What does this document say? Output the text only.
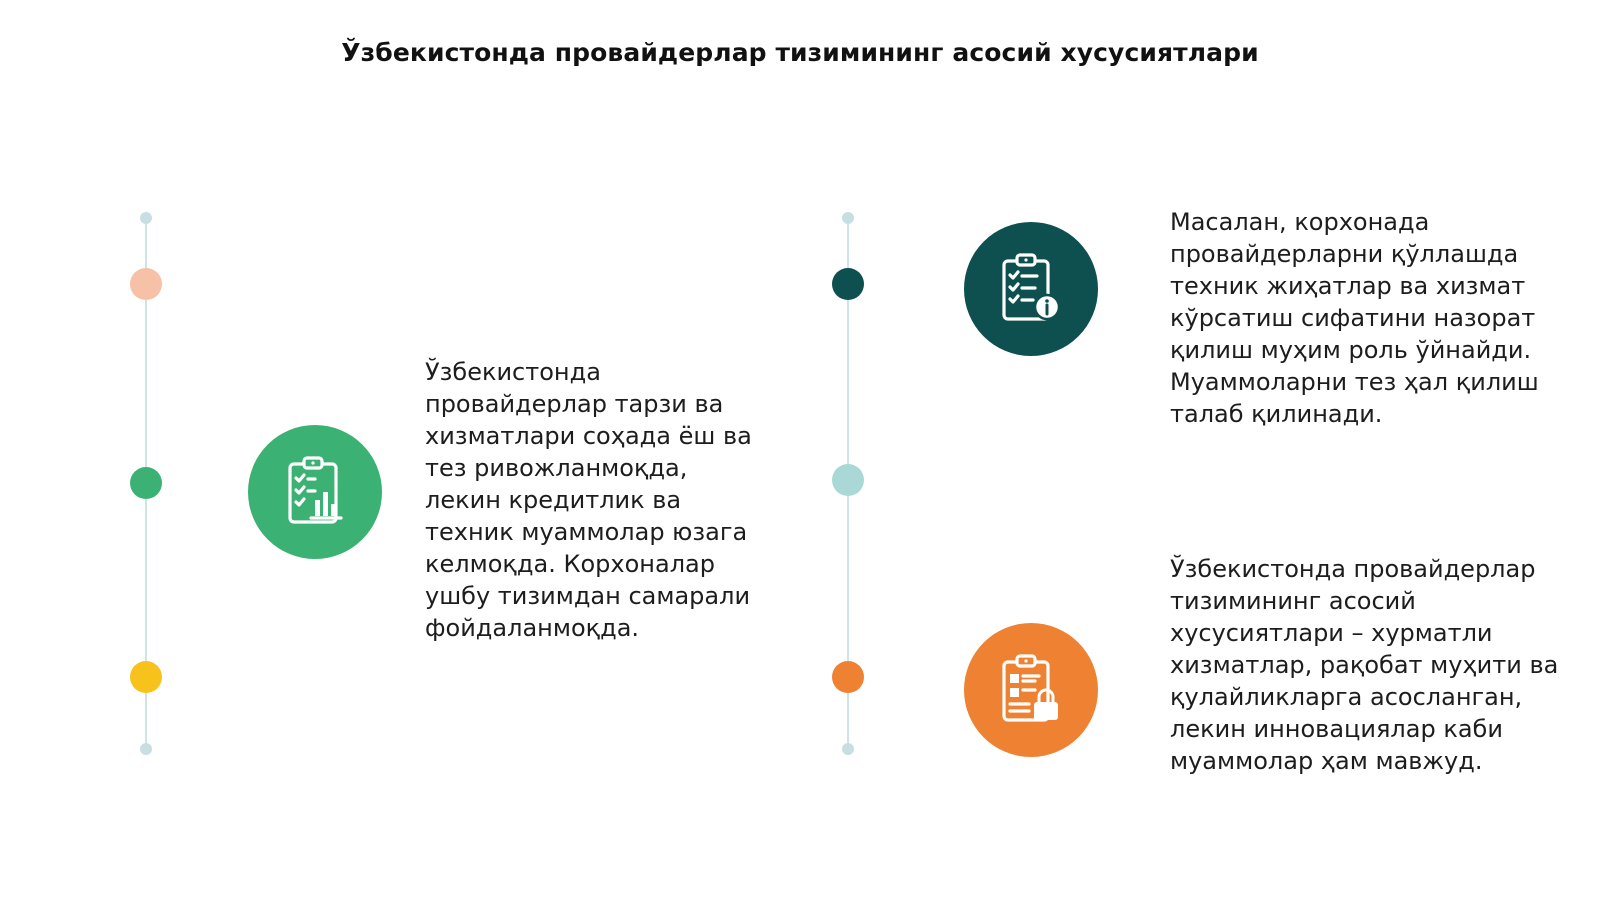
Ўзбекистонда провайдерлар тизимининг асосий хусусиятлари
Ўзбекистонда провайдерлар тарзи ва хизматлари соҳада ёш ва тез ривожланмоқда, лекин кредитлик ва техник муаммолар юзага келмоқда. Корхоналар ушбу тизимдан самарали фойдаланмоқда.
Масалан, корхонада провайдерларни қўллашда техник жиҳатлар ва хизмат кўрсатиш сифатини назорат қилиш муҳим роль ўйнайди. Муаммоларни тез ҳал қилиш талаб қилинади.
Ўзбекистонда провайдерлар тизимининг асосий хусусиятлари – хурматли хизматлар, рақобат муҳити ва қулайликларга асосланган, лекин инновациялар каби муаммолар ҳам мавжуд.
